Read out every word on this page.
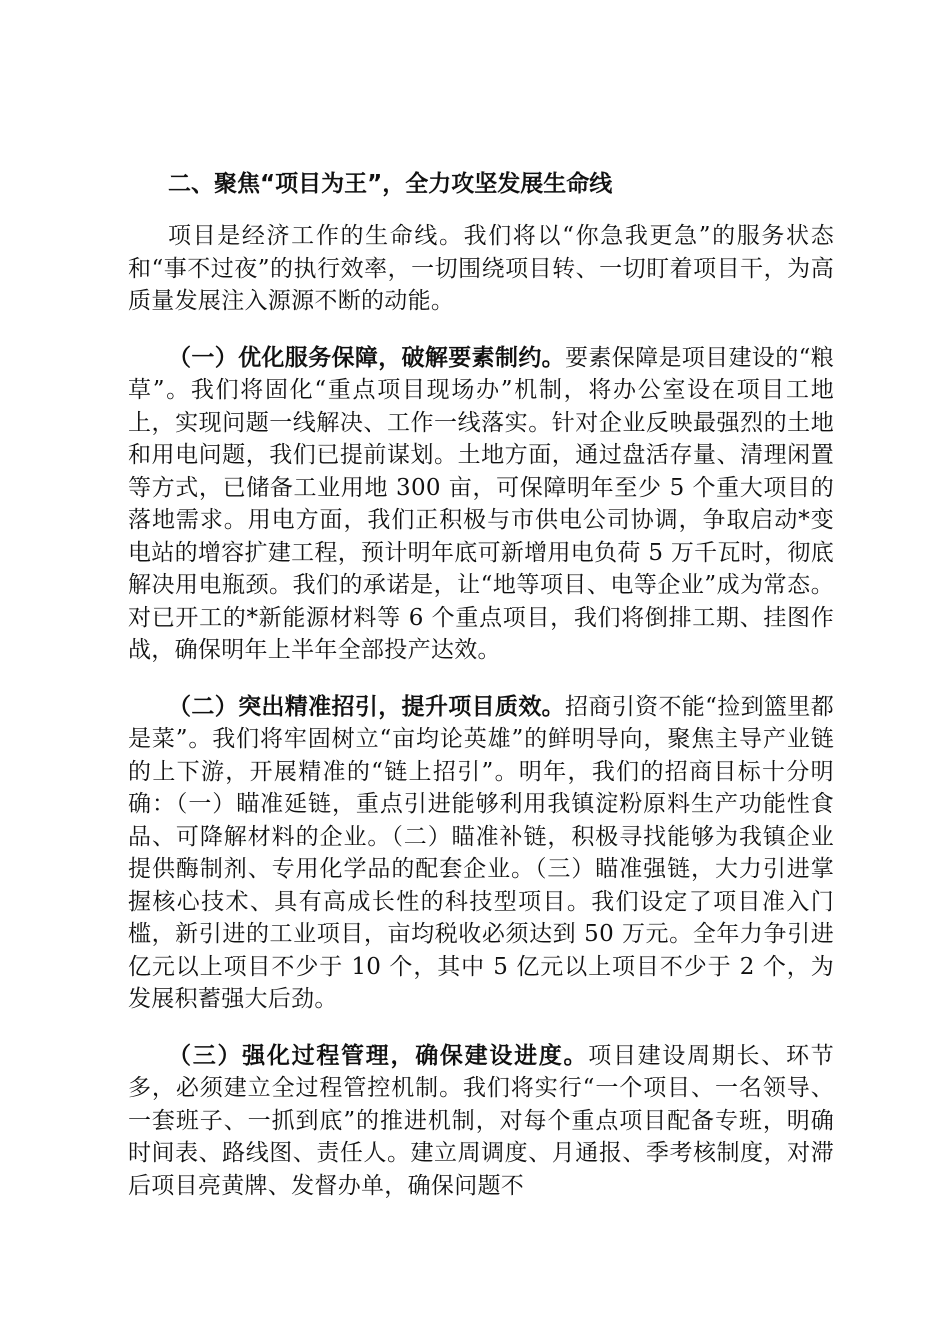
二、聚焦“项目为王”，全力攻坚发展生命线

项目是经济工作的生命线。我们将以“你急我更急”的服务状态和“事不过夜”的执行效率，一切围绕项目转、一切盯着项目干，为高质量发展注入源源不断的动能。

（一）优化服务保障，破解要素制约。要素保障是项目建设的“粮草”。我们将固化“重点项目现场办”机制，将办公室设在项目工地上，实现问题一线解决、工作一线落实。针对企业反映最强烈的土地和用电问题，我们已提前谋划。土地方面，通过盘活存量、清理闲置等方式，已储备工业用地 300 亩，可保障明年至少 5 个重大项目的落地需求。用电方面，我们正积极与市供电公司协调，争取启动*变电站的增容扩建工程，预计明年底可新增用电负荷 5 万千瓦时，彻底解决用电瓶颈。我们的承诺是，让“地等项目、电等企业”成为常态。对已开工的*新能源材料等 6 个重点项目，我们将倒排工期、挂图作战，确保明年上半年全部投产达效。

（二）突出精准招引，提升项目质效。招商引资不能“捡到篮里都是菜”。我们将牢固树立“亩均论英雄”的鲜明导向，聚焦主导产业链的上下游，开展精准的“链上招引”。明年，我们的招商目标十分明确：（一）瞄准延链，重点引进能够利用我镇淀粉原料生产功能性食品、可降解材料的企业。（二）瞄准补链，积极寻找能够为我镇企业提供酶制剂、专用化学品的配套企业。（三）瞄准强链，大力引进掌握核心技术、具有高成长性的科技型项目。我们设定了项目准入门槛，新引进的工业项目，亩均税收必须达到 50 万元。全年力争引进亿元以上项目不少于 10 个，其中 5 亿元以上项目不少于 2 个，为发展积蓄强大后劲。

（三）强化过程管理，确保建设进度。项目建设周期长、环节多，必须建立全过程管控机制。我们将实行“一个项目、一名领导、一套班子、一抓到底”的推进机制，对每个重点项目配备专班，明确时间表、路线图、责任人。建立周调度、月通报、季考核制度，对滞后项目亮黄牌、发督办单，确保问题不
